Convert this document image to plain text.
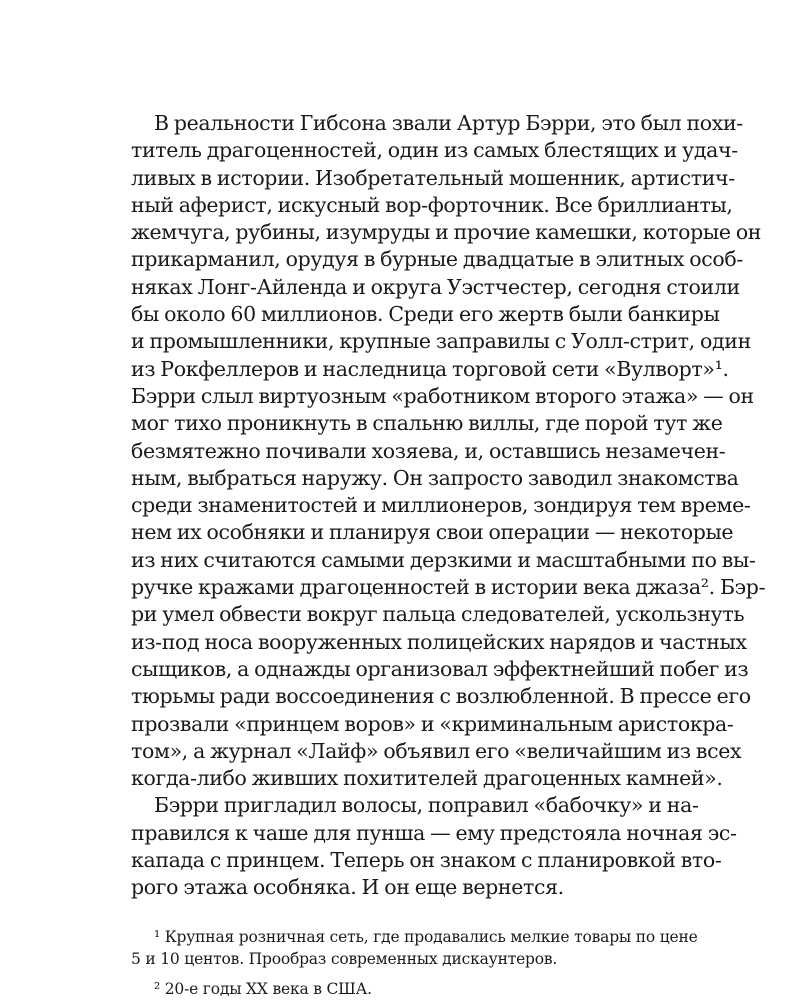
В реальности Гибсона звали Артур Бэрри, это был похи-
титель драгоценностей, один из самых блестящих и удач-
ливых в истории. Изобретательный мошенник, артистич-
ный аферист, искусный вор-форточник. Все бриллианты,
жемчуга, рубины, изумруды и прочие камешки, которые он
прикарманил, орудуя в бурные двадцатые в элитных особ-
няках Лонг-Айленда и округа Уэстчестер, сегодня стоили
бы около 60 миллионов. Среди его жертв были банкиры
и промышленники, крупные заправилы с Уолл-стрит, один
из Рокфеллеров и наследница торговой сети «Вулворт»¹.
Бэрри слыл виртуозным «работником второго этажа» — он
мог тихо проникнуть в спальню виллы, где порой тут же
безмятежно почивали хозяева, и, оставшись незамечен-
ным, выбраться наружу. Он запросто заводил знакомства
среди знаменитостей и миллионеров, зондируя тем време-
нем их особняки и планируя свои операции — некоторые
из них считаются самыми дерзкими и масштабными по вы-
ручке кражами драгоценностей в истории века джаза². Бэр-
ри умел обвести вокруг пальца следователей, ускользнуть
из-под носа вооруженных полицейских нарядов и частных
сыщиков, а однажды организовал эффектнейший побег из
тюрьмы ради воссоединения с возлюбленной. В прессе его
прозвали «принцем воров» и «криминальным аристокра-
том», а журнал «Лайф» объявил его «величайшим из всех
когда-либо живших похитителей драгоценных камней».
Бэрри пригладил волосы, поправил «бабочку» и на-
правился к чаше для пунша — ему предстояла ночная эс-
капада с принцем. Теперь он знаком с планировкой вто-
рого этажа особняка. И он еще вернется.
¹ Крупная розничная сеть, где продавались мелкие товары по цене
5 и 10 центов. Прообраз современных дискаунтеров.
² 20-е годы XX века в США.
